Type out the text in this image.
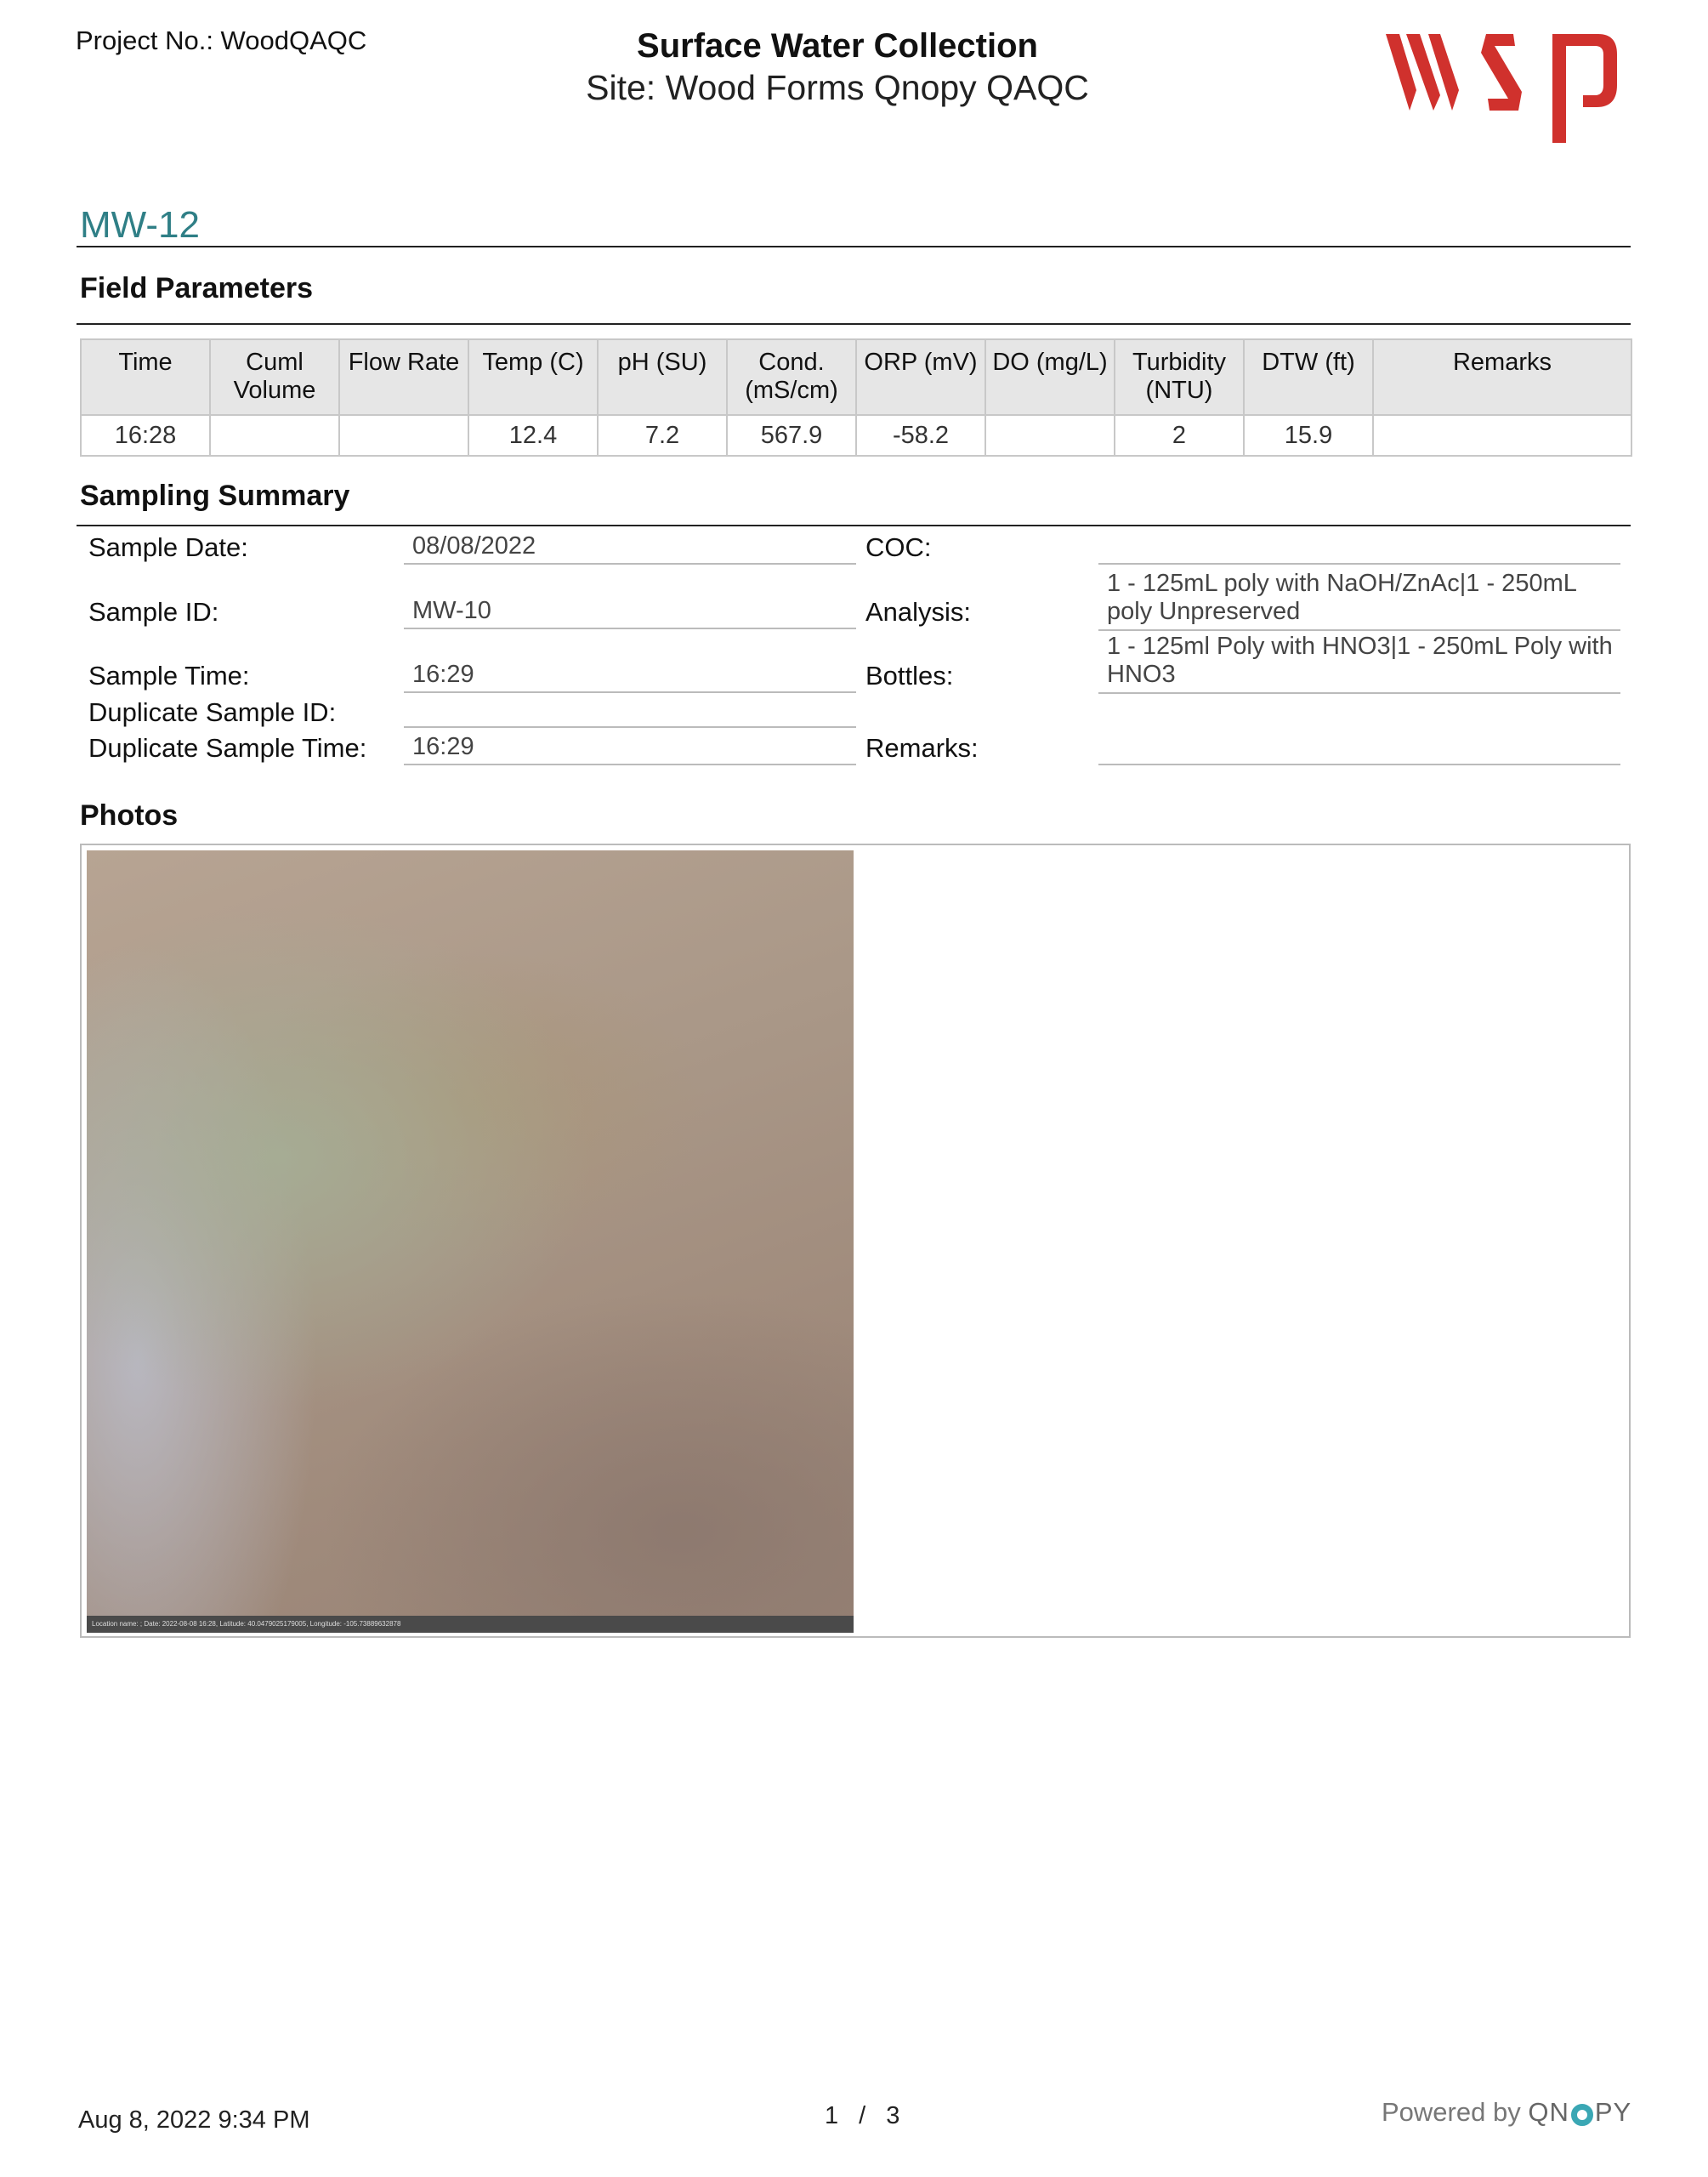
Project No.: WoodQAQC	Surface Water Collection
Site: Wood Forms Qnopy QAQC
MW-12
Field Parameters
Time	Cuml Volume	Flow Rate	Temp (C)	pH (SU)	Cond. (mS/cm)	ORP (mV)	DO (mg/L)	Turbidity (NTU)	DTW (ft)	Remarks
16:28			12.4	7.2	567.9	-58.2		2	15.9	
Sampling Summary
Sample Date:	08/08/2022
Sample ID:	MW-10
Sample Time:	16:29
Duplicate Sample ID:
Duplicate Sample Time:	16:29
COC:
Analysis:
1 - 125mL poly with NaOH/ZnAc|1 - 250mL poly Unpreserved
Bottles:
1 - 125ml Poly with HNO3|1 - 250mL Poly with HNO3
Remarks:
Photos
Location name: ; Date: 2022-08-08 16:28, Latitude: 40.0479025179005, Longitude: -105.73889632878
Aug 8, 2022 9:34 PM	1 / 3	Powered by QN PY
